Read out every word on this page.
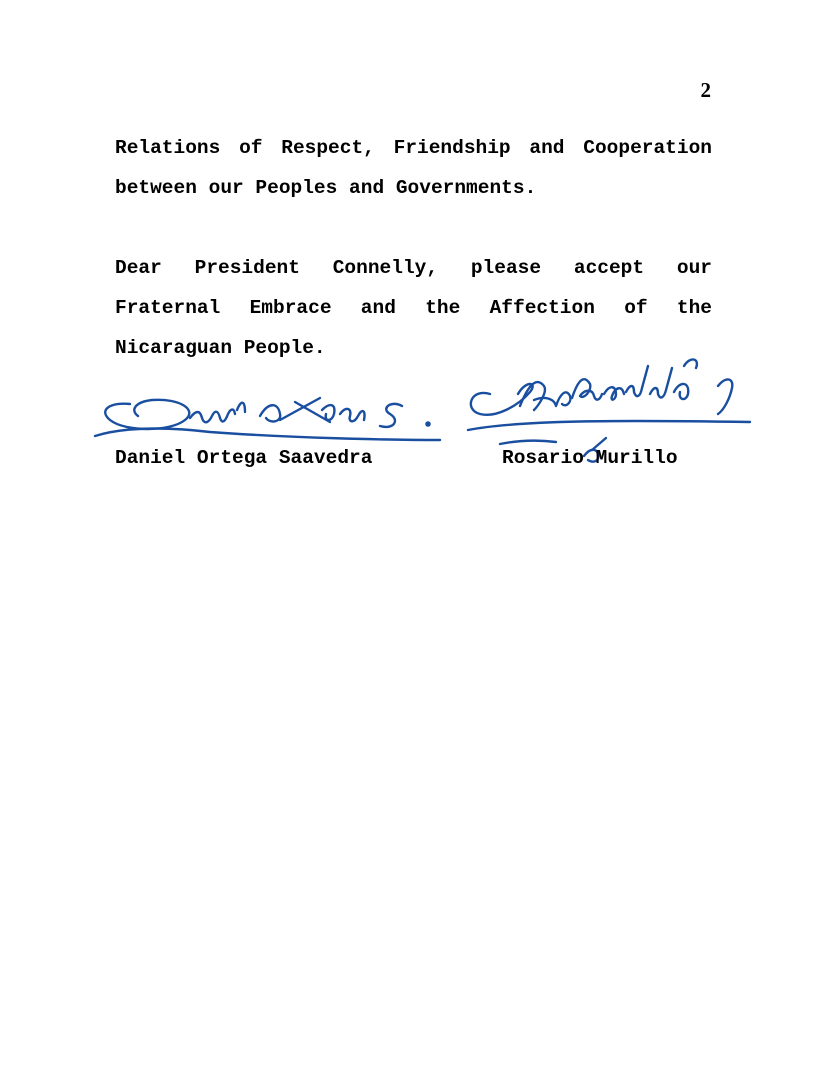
2

Relations of Respect, Friendship and Cooperation between our Peoples and Governments.

Dear President Connelly, please accept our Fraternal Embrace and the Affection of the Nicaraguan People.

Daniel Ortega Saavedra	Rosario Murillo
